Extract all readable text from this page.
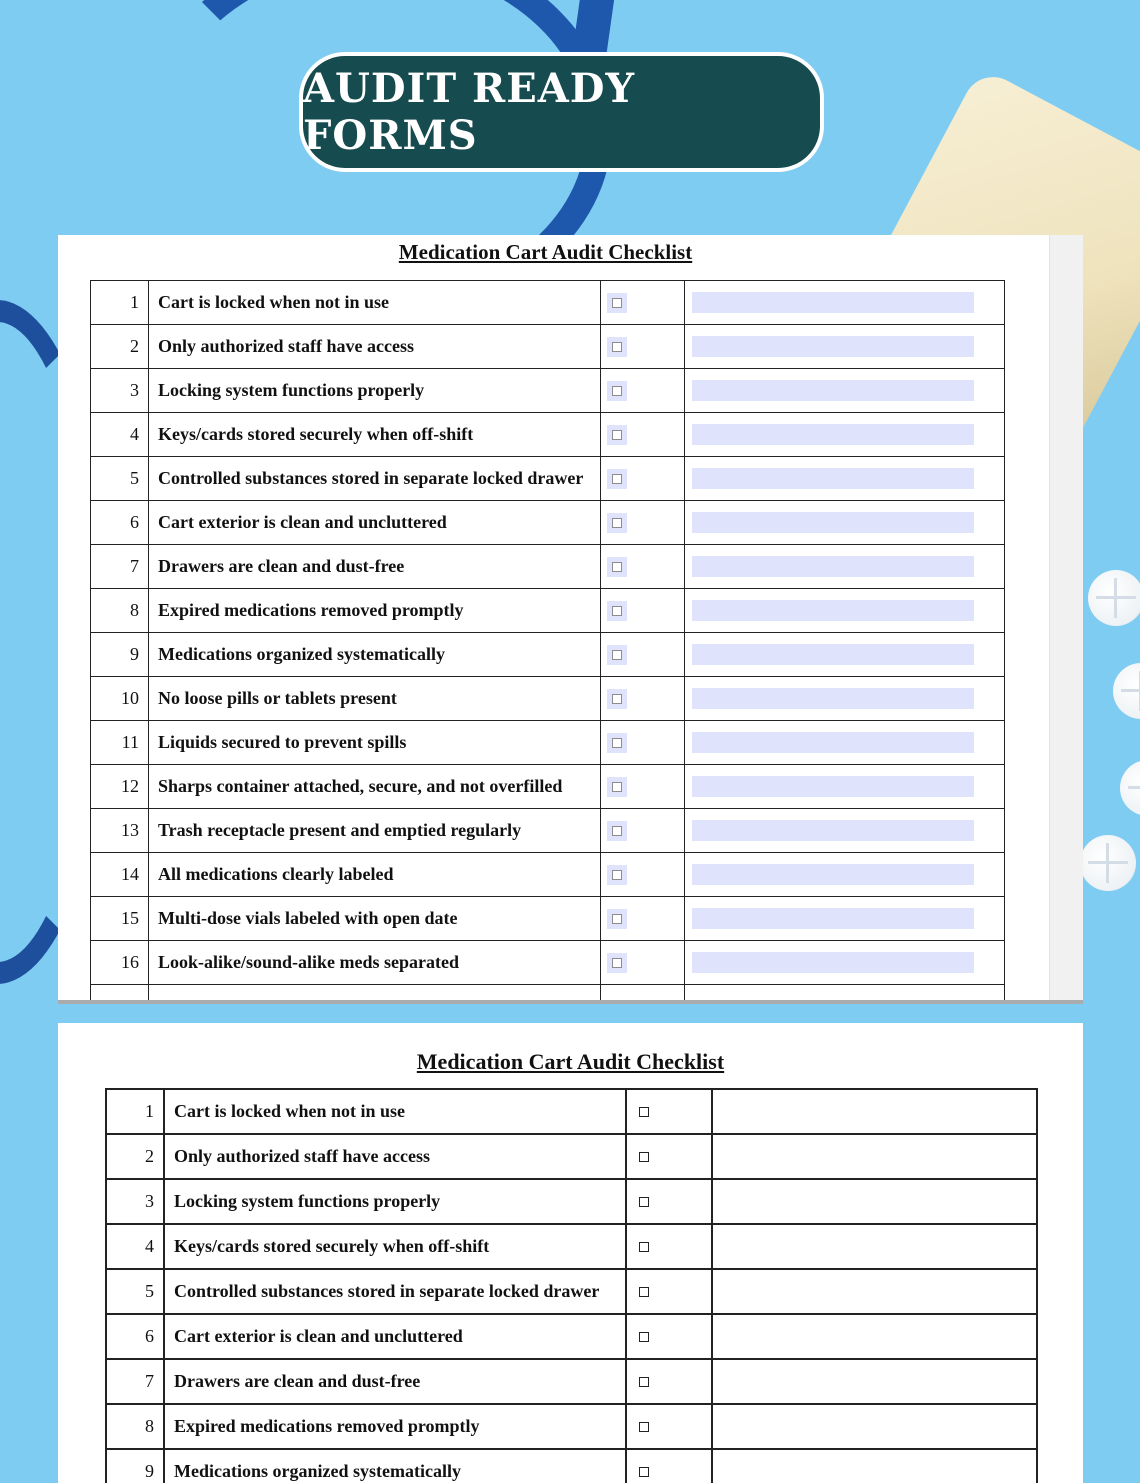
AUDIT READY FORMS
Medication Cart Audit Checklist
1	Cart is locked when not in use		

2	Only authorized staff have access		

3	Locking system functions properly		

4	Keys/cards stored securely when off-shift		

5	Controlled substances stored in separate locked drawer		

6	Cart exterior is clean and uncluttered		

7	Drawers are clean and dust-free		

8	Expired medications removed promptly		

9	Medications organized systematically		

10	No loose pills or tablets present		

11	Liquids secured to prevent spills		

12	Sharps container attached, secure, and not overfilled		

13	Trash receptacle present and emptied regularly		

14	All medications clearly labeled		

15	Multi-dose vials labeled with open date		

16	Look-alike/sound-alike meds separated		

Medication Cart Audit Checklist
1	Cart is locked when not in use		
2	Only authorized staff have access		
3	Locking system functions properly		
4	Keys/cards stored securely when off-shift		
5	Controlled substances stored in separate locked drawer		
6	Cart exterior is clean and uncluttered		
7	Drawers are clean and dust-free		
8	Expired medications removed promptly		
9	Medications organized systematically		
